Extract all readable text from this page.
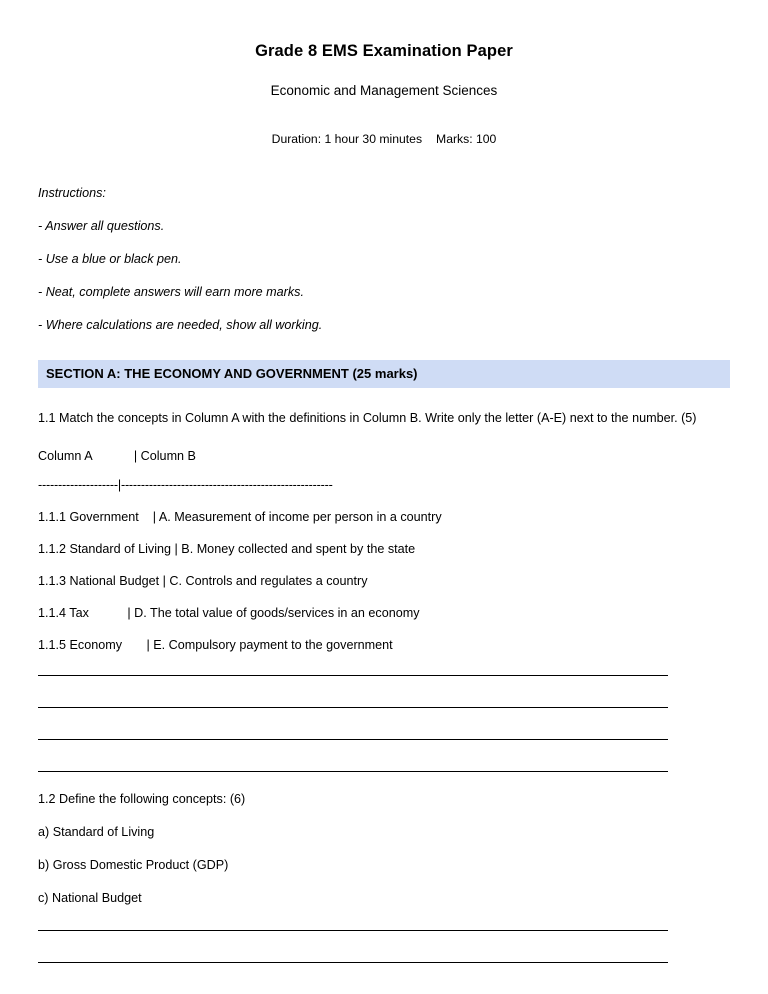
Grade 8 EMS Examination Paper
Economic and Management Sciences
Duration: 1 hour 30 minutes Marks: 100
Instructions:
- Answer all questions.
- Use a blue or black pen.
- Neat, complete answers will earn more marks.
- Where calculations are needed, show all working.
SECTION A: THE ECONOMY AND GOVERNMENT (25 marks)

1.1 Match the concepts in Column A with the definitions in Column B. Write only the letter (A-E) next to the number. (5)

Column A            | Column B
--------------------|-----------------------------------------------------
1.1.1 Government    | A. Measurement of income per person in a country
1.1.2 Standard of Living | B. Money collected and spent by the state
1.1.3 National Budget | C. Controls and regulates a country
1.1.4 Tax           | D. The total value of goods/services in an economy
1.1.5 Economy       | E. Compulsory payment to the government
1.2 Define the following concepts: (6)
a) Standard of Living
b) Gross Domestic Product (GDP)
c) National Budget
